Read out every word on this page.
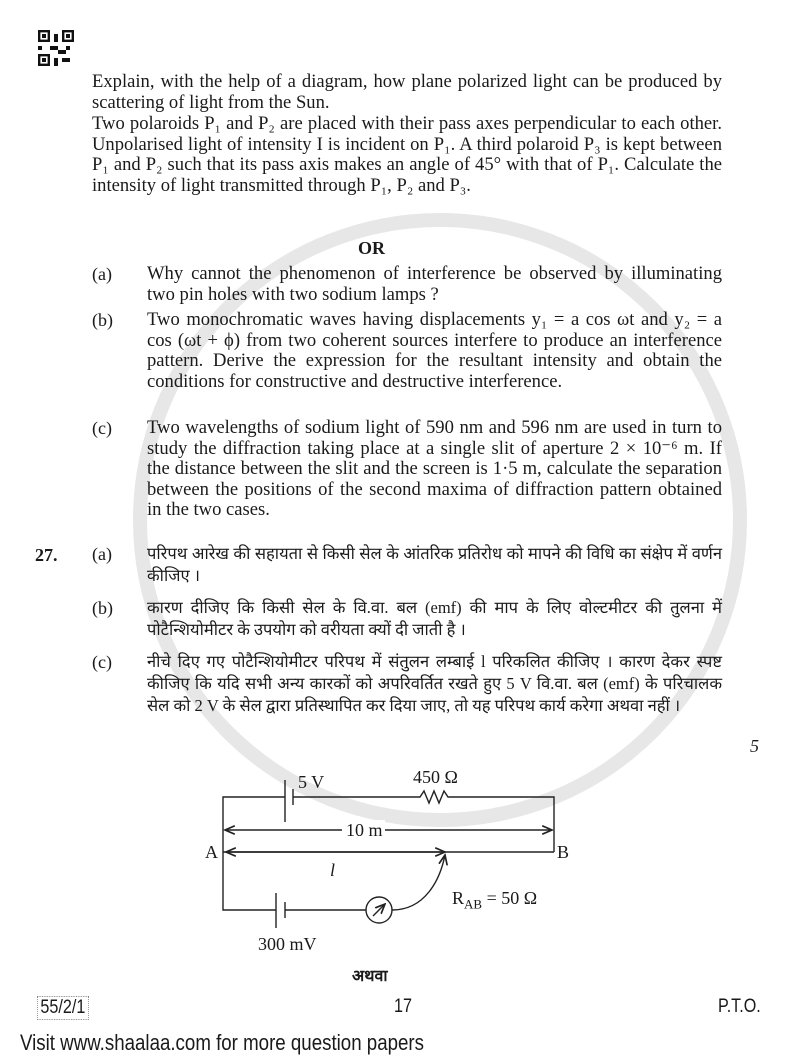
Explain, with the help of a diagram, how plane polarized light can be produced by scattering of light from the Sun.
Two polaroids P₁ and P₂ are placed with their pass axes perpendicular to each other. Unpolarised light of intensity I is incident on P₁. A third polaroid P₃ is kept between P₁ and P₂ such that its pass axis makes an angle of 45° with that of P₁. Calculate the intensity of light transmitted through P₁, P₂ and P₃.
OR
(a) Why cannot the phenomenon of interference be observed by illuminating two pin holes with two sodium lamps ?
(b) Two monochromatic waves having displacements y₁ = a cos ωt and y₂ = a cos (ωt + ϕ) from two coherent sources interfere to produce an interference pattern. Derive the expression for the resultant intensity and obtain the conditions for constructive and destructive interference.
(c) Two wavelengths of sodium light of 590 nm and 596 nm are used in turn to study the diffraction taking place at a single slit of aperture 2 × 10⁻⁶ m. If the distance between the slit and the screen is 1·5 m, calculate the separation between the positions of the second maxima of diffraction pattern obtained in the two cases.
27. (a)	परिपथ आरेख की सहायता से किसी सेल के आंतरिक प्रतिरोध को मापने की विधि का संक्षेप में वर्णन कीजिए ।
(b)	कारण दीजिए कि किसी सेल के वि.वा. बल (emf) की माप के लिए वोल्टमीटर की तुलना में पोटैन्शियोमीटर के उपयोग को वरीयता क्यों दी जाती है ।
(c)	नीचे दिए गए पोटैन्शियोमीटर परिपथ में संतुलन लम्बाई l परिकलित कीजिए । कारण देकर स्पष्ट कीजिए कि यदि सभी अन्य कारकों को अपरिवर्तित रखते हुए 5 V वि.वा. बल (emf) के परिचालक सेल को 2 V के सेल द्वारा प्रतिस्थापित कर दिया जाए, तो यह परिपथ कार्य करेगा अथवा नहीं ।
5
5 V	450 Ω
10 m
A	B
l
$R_{AB} = 50$ Ω
300 mV
अथवा
55/2/1	17	P.T.O.
Visit www.shaalaa.com for more question papers
